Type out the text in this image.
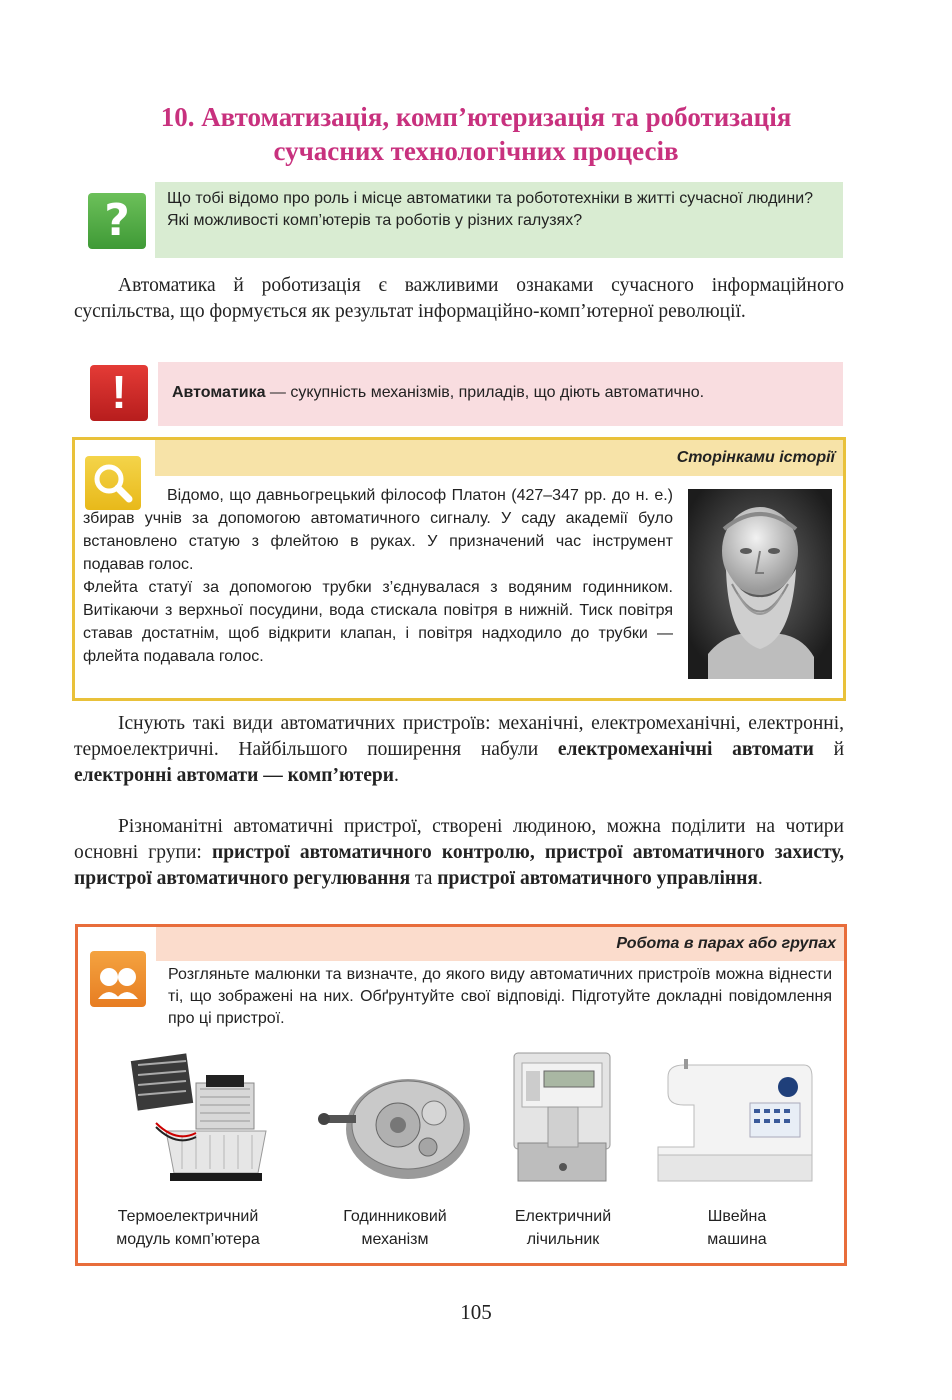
10. Автоматизація, комп’ютеризація та роботизація
сучасних технологічних процесів
?	Що тобі відомо про роль і місце автоматики та робототехніки в житті сучасної людини?
Які можливості комп’ютерів та роботів у різних галузях?
Автоматика й роботизація є важливими ознаками сучасного інформаційного суспільства, що формується як результат інформаційно-комп’ютерної революції.
!	Автоматика — сукупність механізмів, приладів, що діють автоматично.
Сторінками історії
Відомо, що давньогрецький філософ Платон (427–347 рр. до н. е.) збирав учнів за допомогою автоматичного сигналу. У саду академії було встановлено статую з флейтою в руках. У призначений час інструмент подавав голос.
Флейта статуї за допомогою трубки з’єднувалася з водяним годинником. Витікаючи з верхньої посудини, вода стискала повітря в нижній. Тиск повітря ставав достатнім, щоб відкрити клапан, і повітря надходило до трубки — флейта подавала голос.
Існують такі види автоматичних пристроїв: механічні, електромеханічні, електронні, термоелектричні. Найбільшого поширення набули електромеханічні автомати й електронні автомати — комп’ютери.
Різноманітні автоматичні пристрої, створені людиною, можна поділити на чотири основні групи: пристрої автоматичного контролю, пристрої автоматичного захисту, пристрої автоматичного регулювання та пристрої автоматичного управління.
Робота в парах або групах
Розгляньте малюнки та визначте, до якого виду автоматичних пристроїв можна віднести ті, що зображені на них. Обґрунтуйте свої відповіді. Підготуйте докладні повідомлення про ці пристрої.
Термоелектричний
модуль комп’ютера
Годинниковий
механізм
Електричний
лічильник
Швейна
машина
105
